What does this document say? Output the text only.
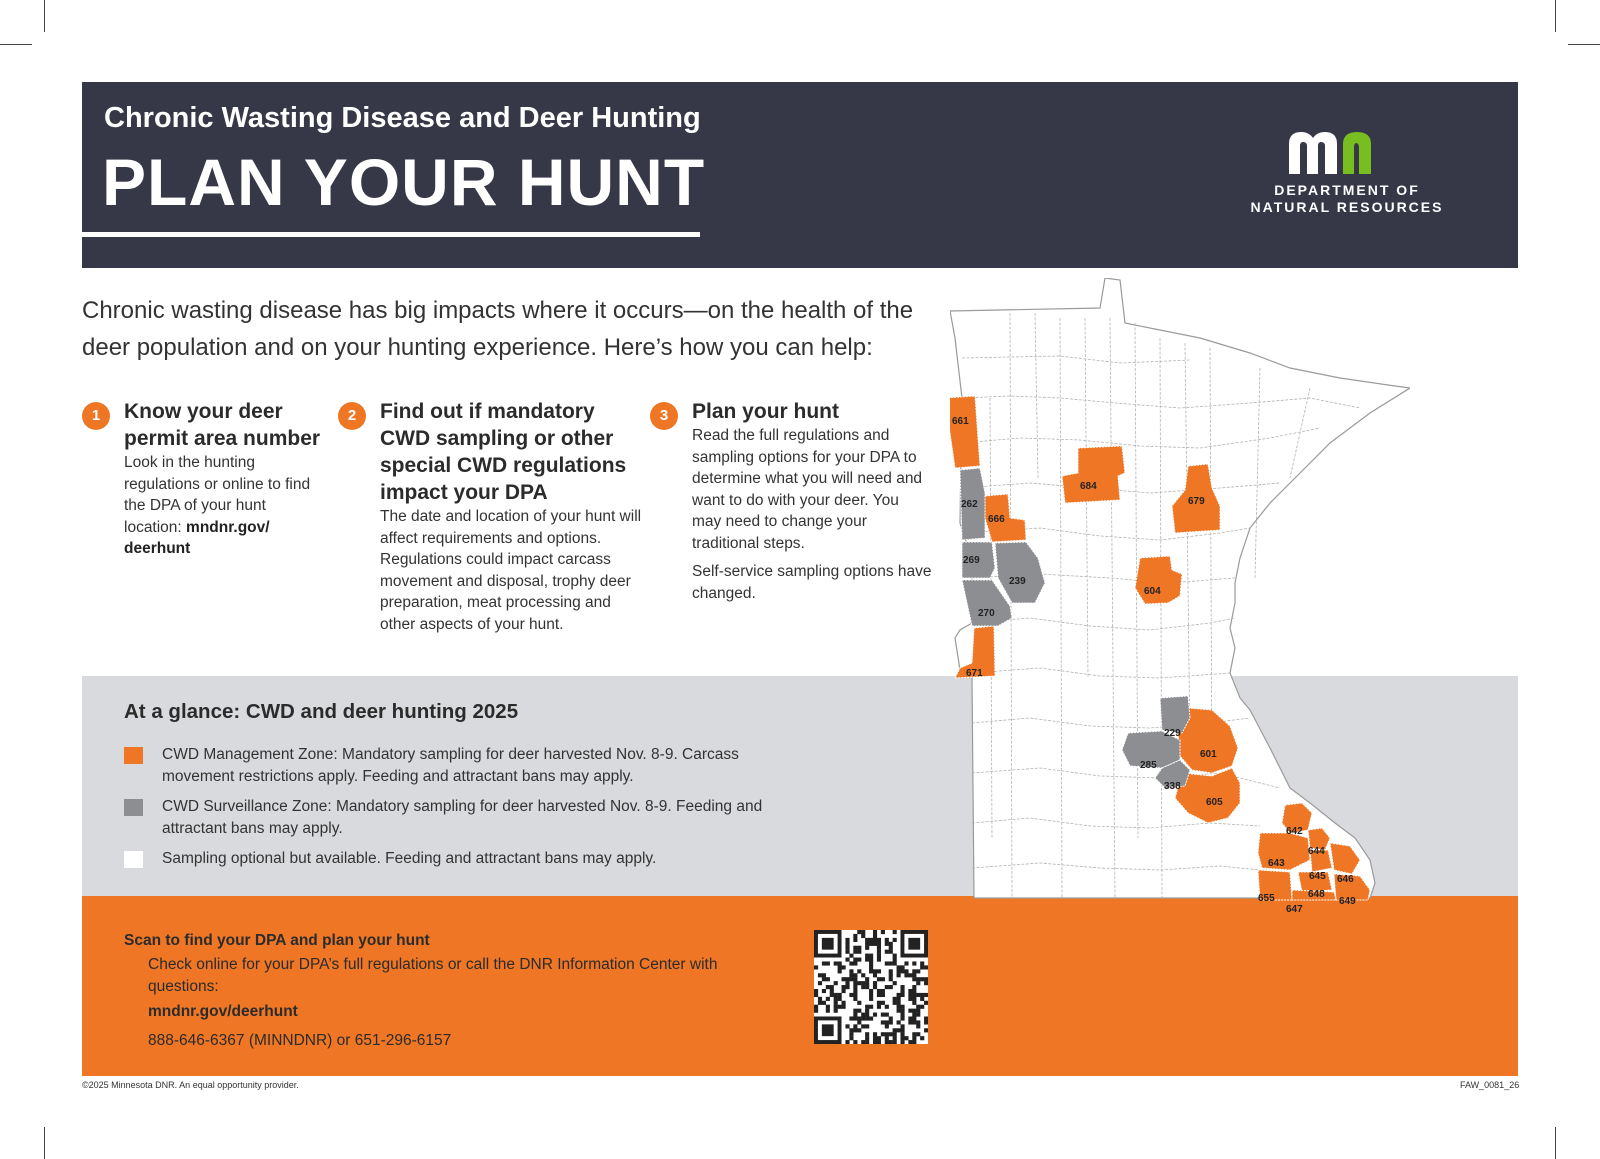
Chronic Wasting Disease and Deer Hunting
PLAN YOUR HUNT	DEPARTMENT OF
NATURAL RESOURCES
Chronic wasting disease has big impacts where it occurs—on the health of the deer population and on your hunting experience. Here’s how you can help:
1	Know your deer permit area number
Look in the hunting regulations or online to find the DPA of your hunt location: mndnr.gov/ deerhunt
2	Find out if mandatory CWD sampling or other special CWD regulations impact your DPA
The date and location of your hunt will affect requirements and options. Regulations could impact carcass movement and disposal, trophy deer preparation, meat processing and other aspects of your hunt.
3	Plan your hunt

Read the full regulations and sampling options for your DPA to determine what you will need and want to do with your deer. You may need to change your traditional steps.

Self-service sampling options have changed.

At a glance: CWD and deer hunting 2025
CWD Management Zone: Mandatory sampling for deer harvested Nov. 8-9. Carcass movement restrictions apply. Feeding and attractant bans may apply.
CWD Surveillance Zone: Mandatory sampling for deer harvested Nov. 8-9. Feeding and attractant bans may apply.
Sampling optional but available. Feeding and attractant bans may apply.
Scan to find your DPA and plan your hunt
Check online for your DPA’s full regulations or call the DNR Information Center with questions:
mndnr.gov/deerhunt
888-646-6367 (MINNDNR) or 651-296-6157
©2025 Minnesota DNR. An equal opportunity provider.	FAW_0081_26
661
262
666
684
679
269
239
604
270
671
229
601
285
338
605
642
644
643
645 646
648
655
647
649
